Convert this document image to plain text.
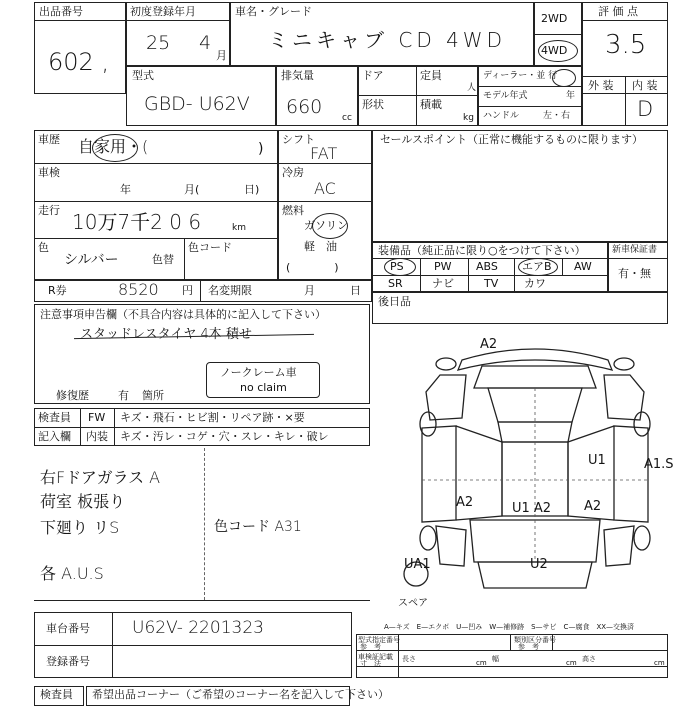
出品番号
602 ,
初度登録年月
25 4
月
車名・グレード
ミニキャブ CD 4WD
2WD
4WD
評 価 点
3.5
外 装 内 装
D
型式
GBD- U62V
排気量
660 cc
ドア	定員
人
形状	積載
kg
ディーラー・並 行
モデル年式	年
ハンドル	左・右
車歴 自家用・(	)
車検
年	月(	日)
走行 10万7千2 0 6	km
色
シルバー	色替
色コード
シフト
FAT
冷房
AC
燃料
ガソリン
軽　油
(　　　　)
セールスポイント（正常に機能するものに限ります）
装備品（純正品に限り○をつけて下さい）
PS	PW ABS エアB AW
SR	ナビ	TV カワ
新車保証書
有・無
後日品
R券	8520 円 名変期限	月	日
注意事項申告欄（不具合内容は具体的に記入して下さい）
スタッドレスタイヤ 4本 積せ
修復歴	有 箇所
ノークレーム車
no claim
検査員
記入欄
FW キズ・飛石・ヒビ割・リペア跡・×要
内装 キズ・汚レ・コゲ・穴・スレ・キレ・破レ
右Fドアガラス A
荷室 板張り
下廻り リS
各 A.U.S
色コード A31
A2
U1	A1.S
A2	U1 A2	A2
UA1	U2
スペア
車台番号 U62V- 2201323
登録番号
A—キズ　E—エクボ　U—凹み　W—補修跡　S—サビ　C—腐食　XX—交換済
型式指定番号
参　考
類別区分番号
参　考
車検証記載
寸　法
長さ	cm 幅	cm 高さ	cm
検査員 希望出品コーナー（ご希望のコーナー名を記入して下さい）
